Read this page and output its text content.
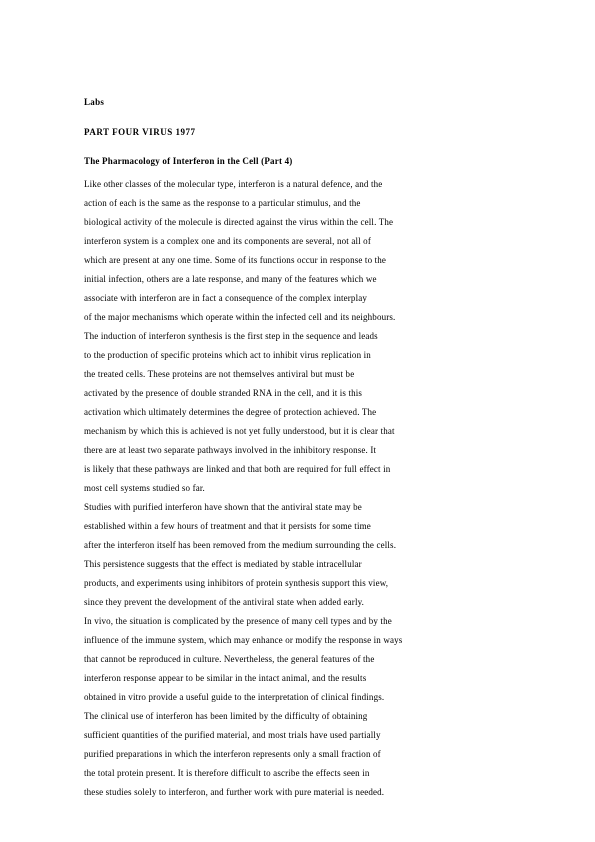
Labs
PART FOUR VIRUS 1977
The Pharmacology of Interferon in the Cell (Part 4)
Like other classes of the molecular type, interferon is a natural defence, and the
action of each is the same as the response to a particular stimulus, and the
biological activity of the molecule is directed against the virus within the cell. The
interferon system is a complex one and its components are several, not all of
which are present at any one time. Some of its functions occur in response to the
initial infection, others are a late response, and many of the features which we
associate with interferon are in fact a consequence of the complex interplay
of the major mechanisms which operate within the infected cell and its neighbours.
The induction of interferon synthesis is the first step in the sequence and leads
to the production of specific proteins which act to inhibit virus replication in
the treated cells. These proteins are not themselves antiviral but must be
activated by the presence of double stranded RNA in the cell, and it is this
activation which ultimately determines the degree of protection achieved. The
mechanism by which this is achieved is not yet fully understood, but it is clear that
there are at least two separate pathways involved in the inhibitory response. It
is likely that these pathways are linked and that both are required for full effect in
most cell systems studied so far.
Studies with purified interferon have shown that the antiviral state may be
established within a few hours of treatment and that it persists for some time
after the interferon itself has been removed from the medium surrounding the cells.
This persistence suggests that the effect is mediated by stable intracellular
products, and experiments using inhibitors of protein synthesis support this view,
since they prevent the development of the antiviral state when added early.
In vivo, the situation is complicated by the presence of many cell types and by the
influence of the immune system, which may enhance or modify the response in ways
that cannot be reproduced in culture. Nevertheless, the general features of the
interferon response appear to be similar in the intact animal, and the results
obtained in vitro provide a useful guide to the interpretation of clinical findings.
The clinical use of interferon has been limited by the difficulty of obtaining
sufficient quantities of the purified material, and most trials have used partially
purified preparations in which the interferon represents only a small fraction of
the total protein present. It is therefore difficult to ascribe the effects seen in
these studies solely to interferon, and further work with pure material is needed.
